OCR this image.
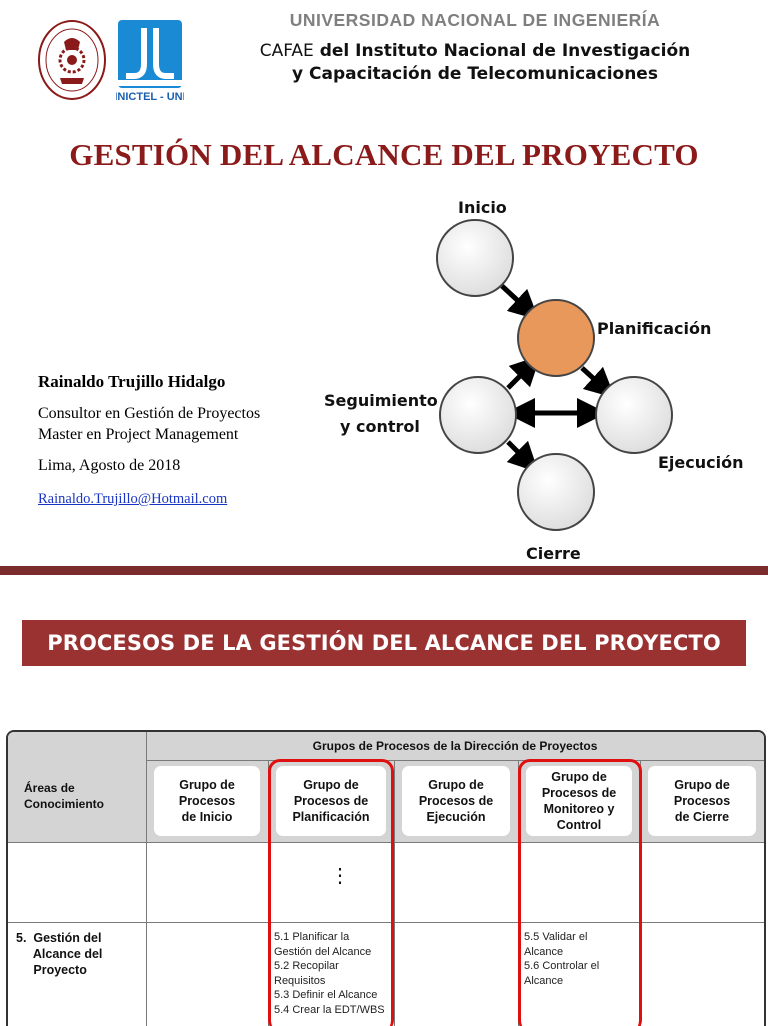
INICTEL - UNI
UNIVERSIDAD NACIONAL DE INGENIERÍA
CAFAE del Instituto Nacional de Investigación
y Capacitación de Telecomunicaciones
GESTIÓN DEL ALCANCE DEL PROYECTO
Rainaldo Trujillo Hidalgo
Consultor en Gestión de Proyectos
Master en Project Management
Lima, Agosto de 2018
Rainaldo.Trujillo@Hotmail.com
Inicio
Planificación
Seguimiento
y control
Ejecución
Cierre
PROCESOS DE LA GESTIÓN DEL ALCANCE DEL PROYECTO
Grupos de Procesos de la Dirección de Proyectos
Áreas de
Conocimiento
Grupo de
Procesos
de Inicio
Grupo de
Procesos de
Planificación
Grupo de
Procesos de
Ejecución
Grupo de
Procesos de
Monitoreo y
Control
Grupo de
Procesos
de Cierre
⋮
5.  Gestión del
Alcance del
Proyecto
5.1 Planificar la
Gestión del Alcance
5.2 Recopilar
Requisitos
5.3 Definir el Alcance
5.4 Crear la EDT/WBS
5.5 Validar el
Alcance
5.6 Controlar el
Alcance
